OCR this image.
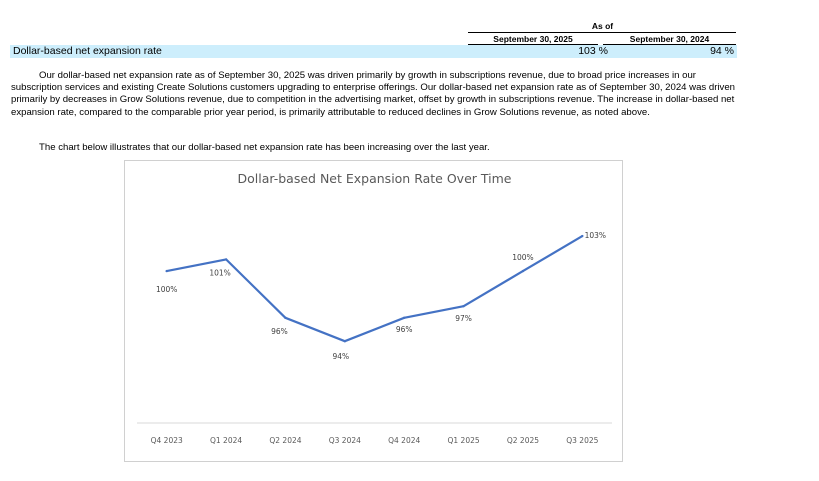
As of
September 30, 2025	September 30, 2024
Dollar-based net expansion rate	103 %	94 %

Our dollar-based net expansion rate as of September 30, 2025 was driven primarily by growth in subscriptions revenue, due to broad price increases in our subscription services and existing Create Solutions customers upgrading to enterprise offerings. Our dollar-based net expansion rate as of September 30, 2024 was driven primarily by decreases in Grow Solutions revenue, due to competition in the advertising market, offset by growth in subscriptions revenue. The increase in dollar-based net expansion rate, compared to the comparable prior year period, is primarily attributable to reduced declines in Grow Solutions revenue, as noted above.

The chart below illustrates that our dollar-based net expansion rate has been increasing over the last year.

Dollar-based Net Expansion Rate Over Time
100%
101%
96%
94%
96%
97%
100%
103%
Q4 2023	Q1 2024	Q2 2024	Q3 2024	Q4 2024	Q1 2025	Q2 2025	Q3 2025
